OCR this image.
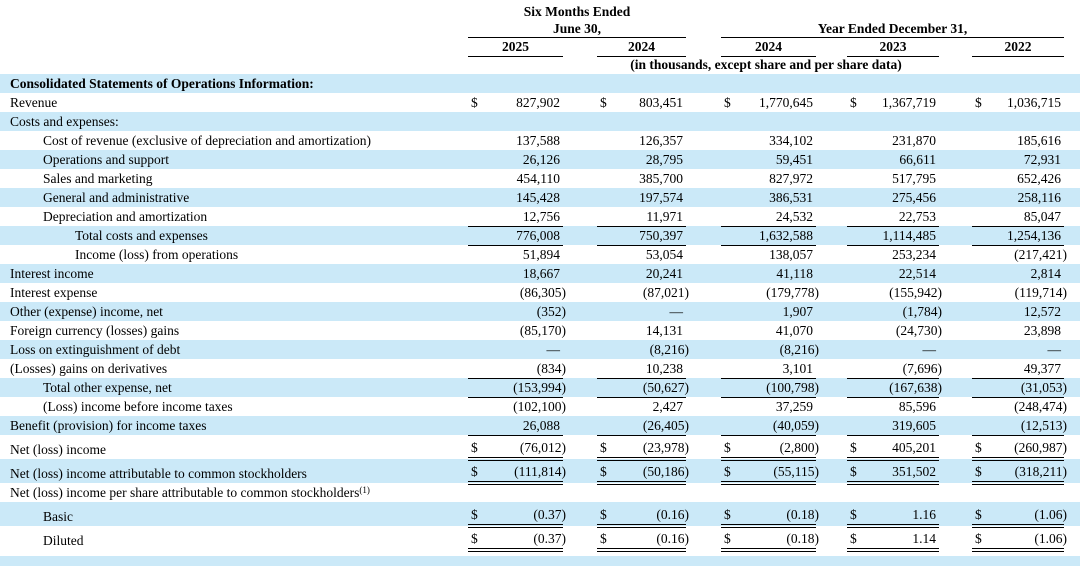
	Six Months Ended									
	June 30,				Year Ended December 31,					
	2025		2024		2024		2023		2022	
	(in thousands, except share and per share data)									
Consolidated Statements of Operations Information:										
Revenue	$ 827,902		$ 803,451		$ 1,770,645		$ 1,367,719		$ 1,036,715	

Costs and expenses:										
Cost of revenue (exclusive of depreciation and amortization)	137,588		126,357		334,102		231,870		185,616	

Operations and support	26,126		28,795		59,451		66,611		72,931	

Sales and marketing	454,110		385,700		827,972		517,795		652,426	

General and administrative	145,428		197,574		386,531		275,456		258,116	

Depreciation and amortization	12,756		11,971		24,532		22,753		85,047	

Total costs and expenses	776,008		750,397		1,632,588		1,114,485		1,254,136	

Income (loss) from operations	51,894		53,054		138,057		253,234		(217,421)	

Interest income	18,667		20,241		41,118		22,514		2,814	

Interest expense	(86,305)		(87,021)		(179,778)		(155,942)		(119,714)	

Other (expense) income, net	(352)		—		1,907		(1,784)		12,572	

Foreign currency (losses) gains	(85,170)		14,131		41,070		(24,730)		23,898	

Loss on extinguishment of debt	—		(8,216)		(8,216)		—		—	

(Losses) gains on derivatives	(834)		10,238		3,101		(7,696)		49,377	

Total other expense, net	(153,994)		(50,627)		(100,798)		(167,638)		(31,053)	

(Loss) income before income taxes	(102,100)		2,427		37,259		85,596		(248,474)	

Benefit (provision) for income taxes	26,088		(26,405)		(40,059)		319,605		(12,513)	

Net (loss) income	$ (76,012)		$ (23,978)		$ (2,800)		$ 405,201		$ (260,987)	

Net (loss) income attributable to common stockholders	$ (111,814)		$ (50,186)		$ (55,115)		$ 351,502		$ (318,211)	

Net (loss) income per share attributable to common stockholders$^{(1)}$										
Basic	$ (0.37)		$ (0.16)		$ (0.18)		$ 1.16		$ (1.06)	

Diluted	$ (0.37)		$ (0.16)		$ (0.18)		$ 1.14		$ (1.06)	
